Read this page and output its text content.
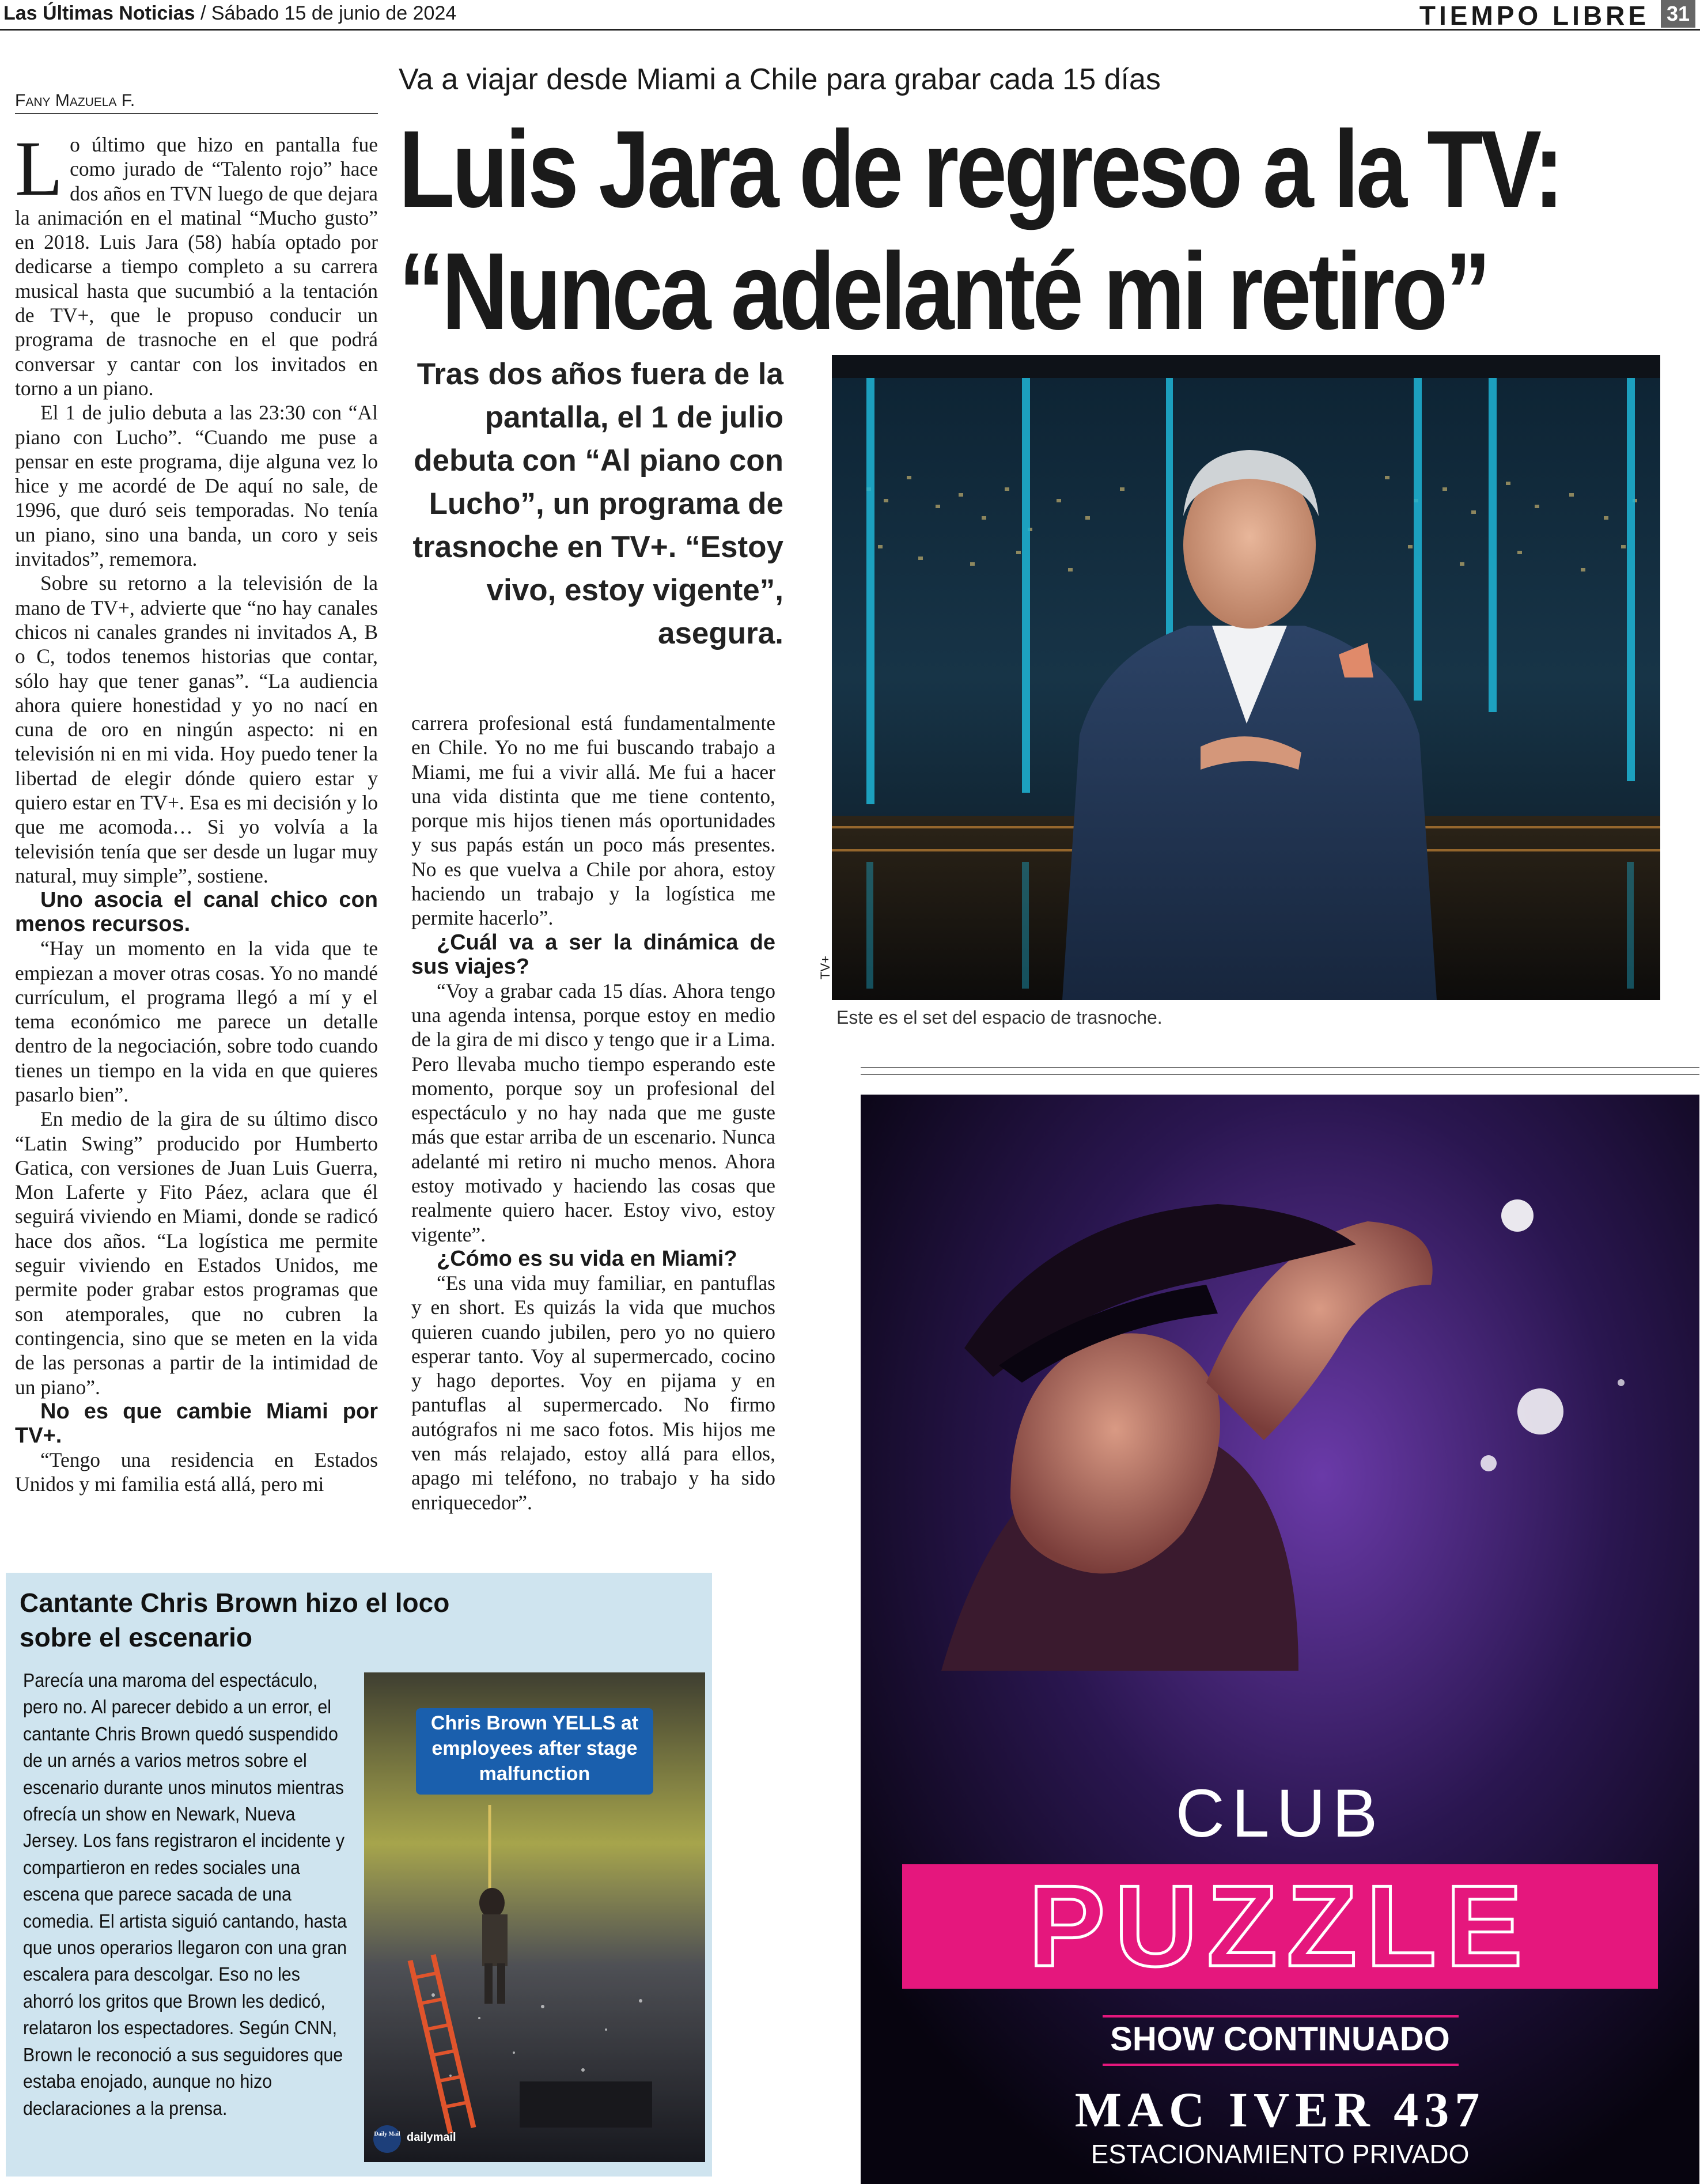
Las Últimas Noticias / Sábado 15 de junio de 2024	TIEMPO LIBRE 31
Fany Mazuela F.
Va a viajar desde Miami a Chile para grabar cada 15 días
Luis Jara de regreso a la TV:
“Nunca adelanté mi retiro”
Tras dos años fuera de la pantalla, el 1 de julio debuta con “Al piano con Lucho”, un programa de trasnoche en TV+. “Estoy vivo, estoy vigente”, asegura.

Lo último que hizo en pantalla fue como jurado de “Talento rojo” hace dos años en TVN luego de que dejara la animación en el matinal “Mucho gusto” en 2018. Luis Jara (58) había optado por dedicarse a tiempo completo a su carrera musical hasta que sucumbió a la tentación de TV+, que le propuso conducir un programa de trasnoche en el que podrá conversar y cantar con los invitados en torno a un piano.

El 1 de julio debuta a las 23:30 con “Al piano con Lucho”. “Cuando me puse a pensar en este programa, dije alguna vez lo hice y me acordé de De aquí no sale, de 1996, que duró seis temporadas. No tenía un piano, sino una banda, un coro y seis invitados”, rememora.

Sobre su retorno a la televisión de la mano de TV+, advierte que “no hay canales chicos ni canales grandes ni invitados A, B o C, todos tenemos historias que contar, sólo hay que tener ganas”. “La audiencia ahora quiere honestidad y yo no nací en cuna de oro en ningún aspecto: ni en televisión ni en mi vida. Hoy puedo tener la libertad de elegir dónde quiero estar y quiero estar en TV+. Esa es mi decisión y lo que me acomoda… Si yo volvía a la televisión tenía que ser desde un lugar muy natural, muy simple”, sostiene.

Uno asocia el canal chico con menos recursos.

“Hay un momento en la vida que te empiezan a mover otras cosas. Yo no mandé currículum, el programa llegó a mí y el tema económico me parece un detalle dentro de la negociación, sobre todo cuando tienes un tiempo en la vida en que quieres pasarlo bien”.

En medio de la gira de su último disco “Latin Swing” producido por Humberto Gatica, con versiones de Juan Luis Guerra, Mon Laferte y Fito Páez, aclara que él seguirá viviendo en Miami, donde se radicó hace dos años. “La logística me permite seguir viviendo en Estados Unidos, me permite poder grabar estos programas que son atemporales, que no cubren la contingencia, sino que se meten en la vida de las personas a partir de la intimidad de un piano”.

No es que cambie Miami por TV+.

“Tengo una residencia en Estados Unidos y mi familia está allá, pero mi

carrera profesional está fundamentalmente en Chile. Yo no me fui buscando trabajo a Miami, me fui a vivir allá. Me fui a hacer una vida distinta que me tiene contento, porque mis hijos tienen más oportunidades y sus papás están un poco más presentes. No es que vuelva a Chile por ahora, estoy haciendo un trabajo y la logística me permite hacerlo”.

¿Cuál va a ser la dinámica de sus viajes?

“Voy a grabar cada 15 días. Ahora tengo una agenda intensa, porque estoy en medio de la gira de mi disco y tengo que ir a Lima. Pero llevaba mucho tiempo esperando este momento, porque soy un profesional del espectáculo y no hay nada que me guste más que estar arriba de un escenario. Nunca adelanté mi retiro ni mucho menos. Ahora estoy motivado y haciendo las cosas que realmente quiero hacer. Estoy vivo, estoy vigente”.

¿Cómo es su vida en Miami?

“Es una vida muy familiar, en pantuflas y en short. Es quizás la vida que muchos quieren cuando jubilen, pero yo no quiero esperar tanto. Voy al supermercado, cocino y hago deportes. Voy en pijama y en pantuflas al supermercado. No firmo autógrafos ni me saco fotos. Mis hijos me ven más relajado, estoy allá para ellos, apago mi teléfono, no trabajo y ha sido enriquecedor”.

TV+
Este es el set del espacio de trasnoche.
Cantante Chris Brown hizo el loco sobre el escenario
Parecía una maroma del espectáculo, pero no. Al parecer debido a un error, el cantante Chris Brown quedó suspendido de un arnés a varios metros sobre el escenario durante unos minutos mientras ofrecía un show en Newark, Nueva Jersey. Los fans registraron el incidente y compartieron en redes sociales una escena que parece sacada de una comedia. El artista siguió cantando, hasta que unos operarios llegaron con una gran escalera para descolgar. Eso no les ahorró los gritos que Brown les dedicó, relataron los espectadores. Según CNN, Brown le reconoció a sus seguidores que estaba enojado, aunque no hizo declaraciones a la prensa.
Chris Brown YELLS at employees after stage malfunction
Daily Mail dailymail
CLUB
PUZZLE
SHOW CONTINUADO
MAC IVER 437
ESTACIONAMIENTO PRIVADO
